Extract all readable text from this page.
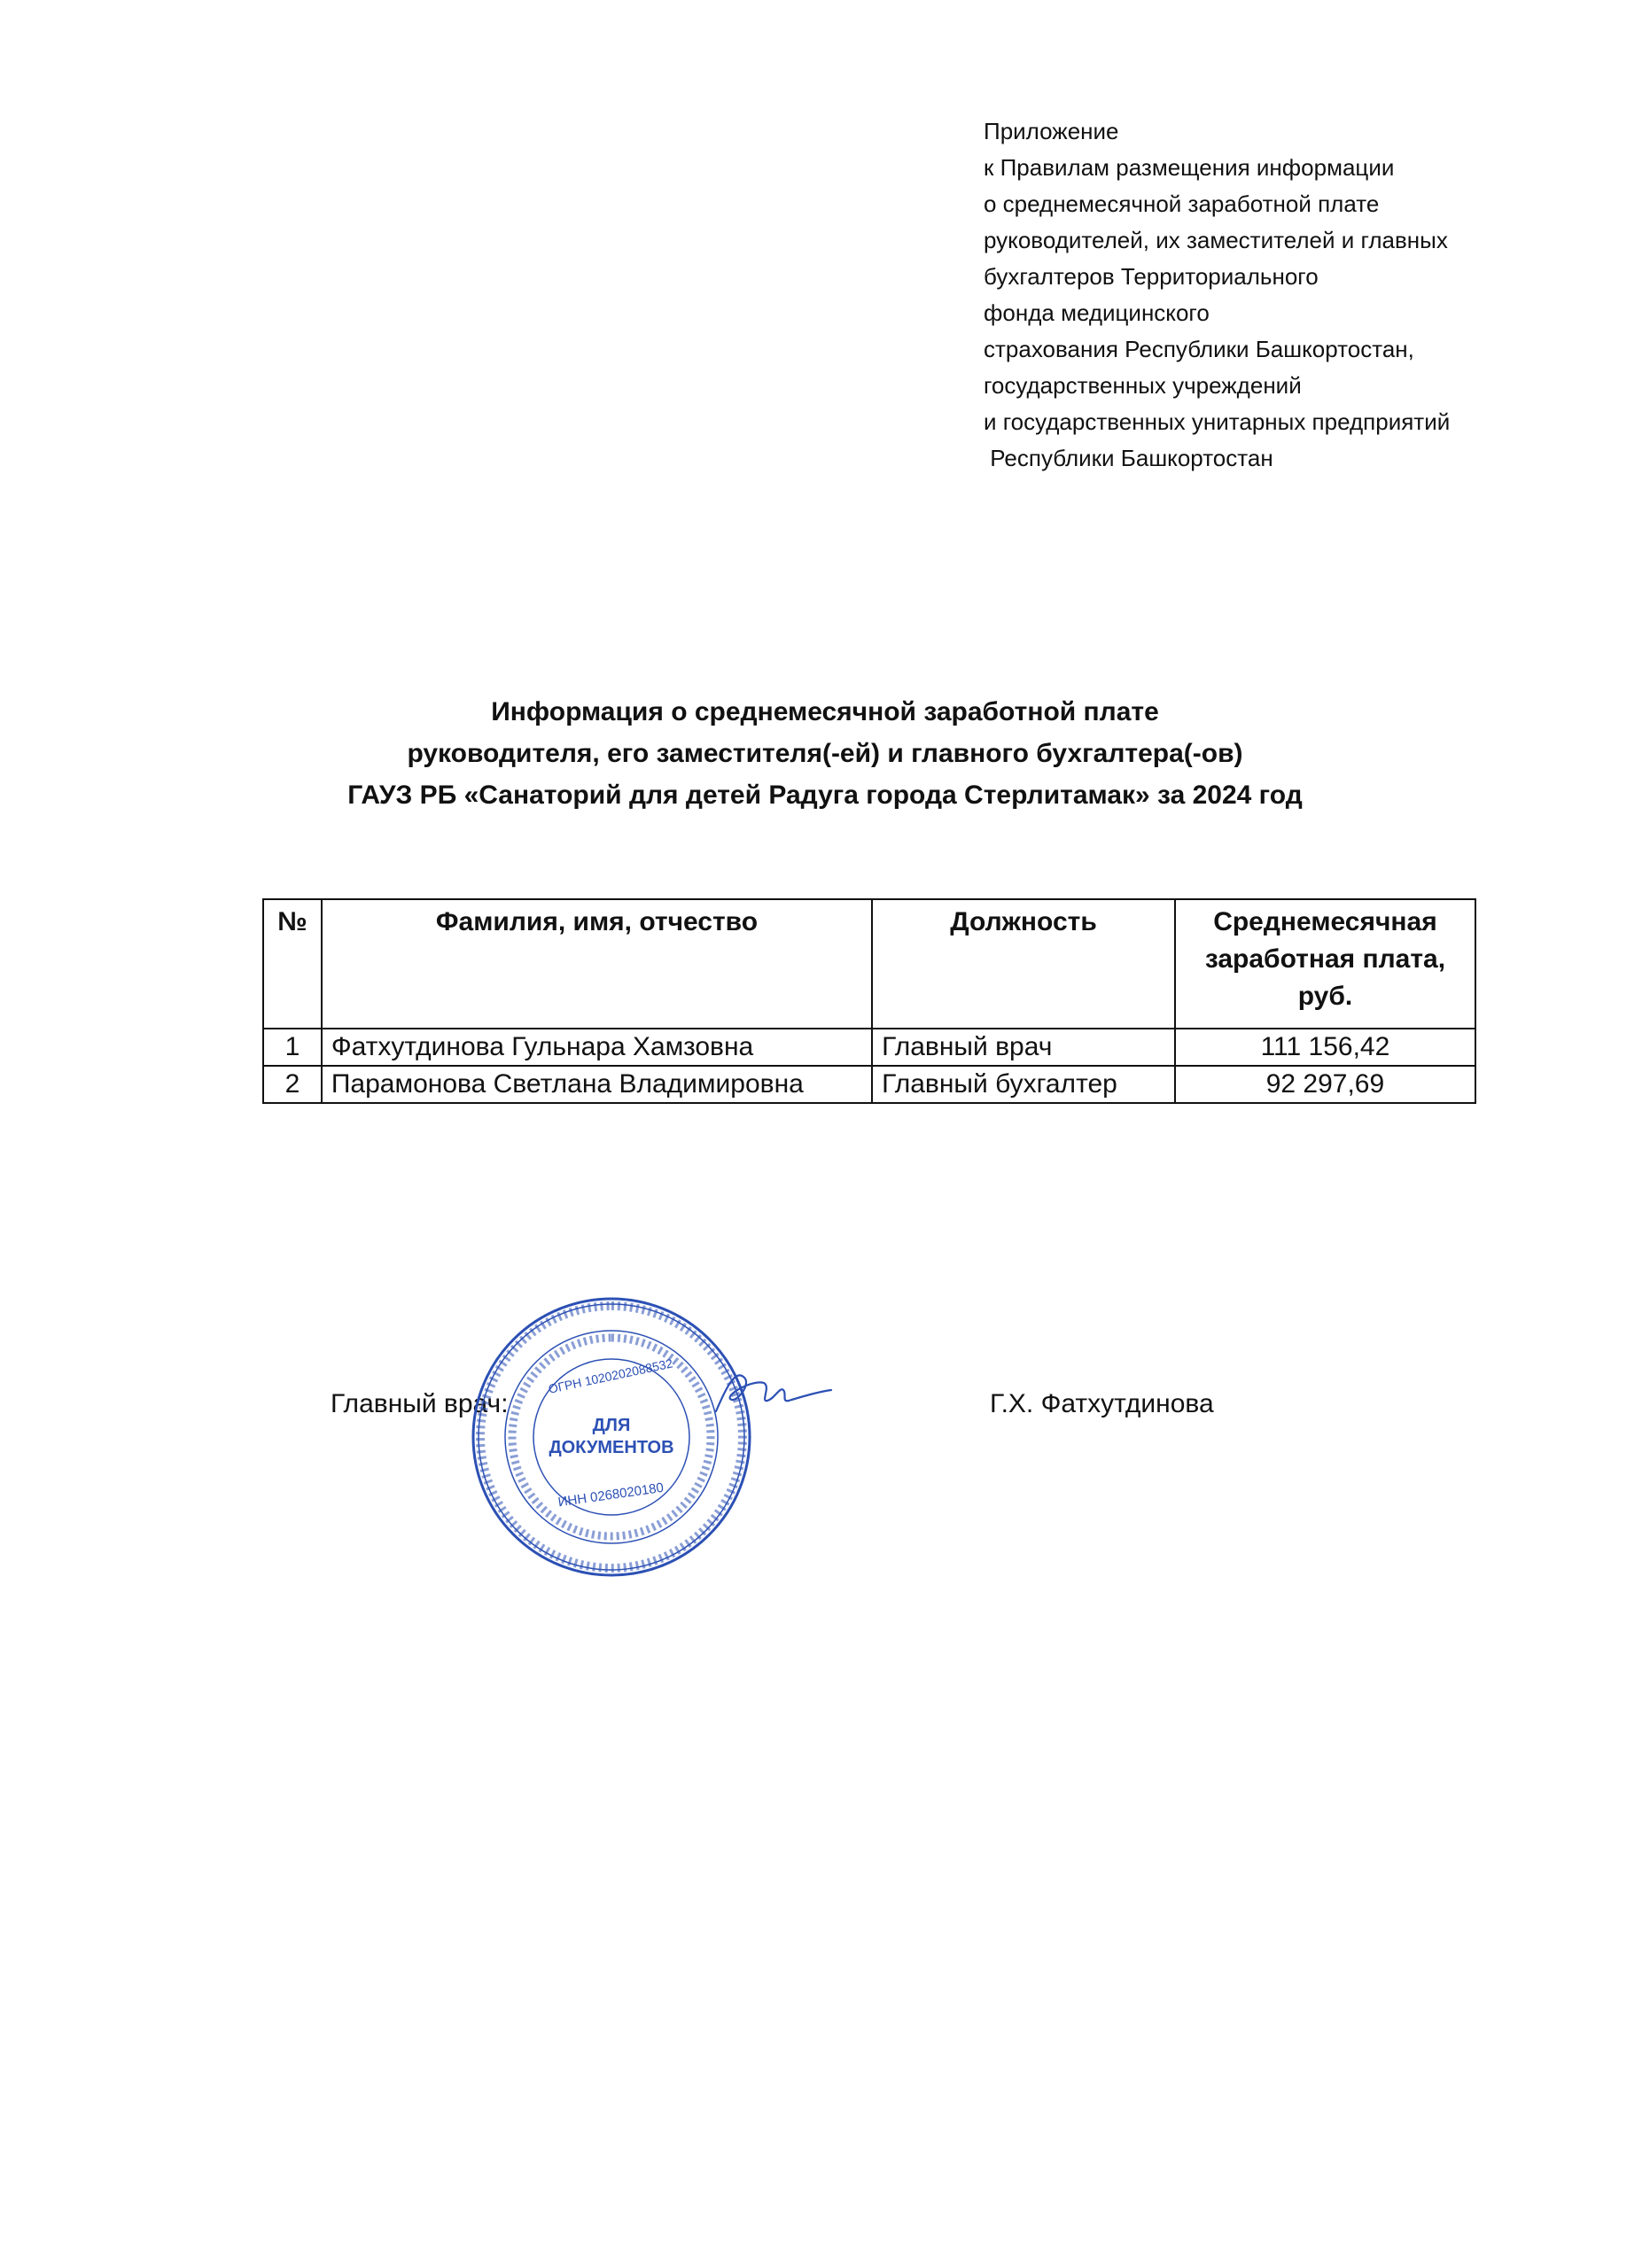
Приложение
к Правилам размещения информации
о среднемесячной заработной плате
руководителей, их заместителей и главных
бухгалтеров Территориального
фонда медицинского
страхования Республики Башкортостан,
государственных учреждений
и государственных унитарных предприятий
Республики Башкортостан
Информация о среднемесячной заработной плате
руководителя, его заместителя(-ей) и главного бухгалтера(-ов)
ГАУЗ РБ «Санаторий для детей Радуга города Стерлитамак» за 2024 год
№	Фамилия, имя, отчество	Должность	Среднемесячная заработная плата, руб.
1	Фатхутдинова Гульнара Хамзовна	Главный врач	111 156,42
2	Парамонова Светлана Владимировна	Главный бухгалтер	92 297,69
Главный врач:	Г.Х. Фатхутдинова
ОГРН 1020202088532
ДЛЯ
ДОКУМЕНТОВ
ИНН 0268020180
